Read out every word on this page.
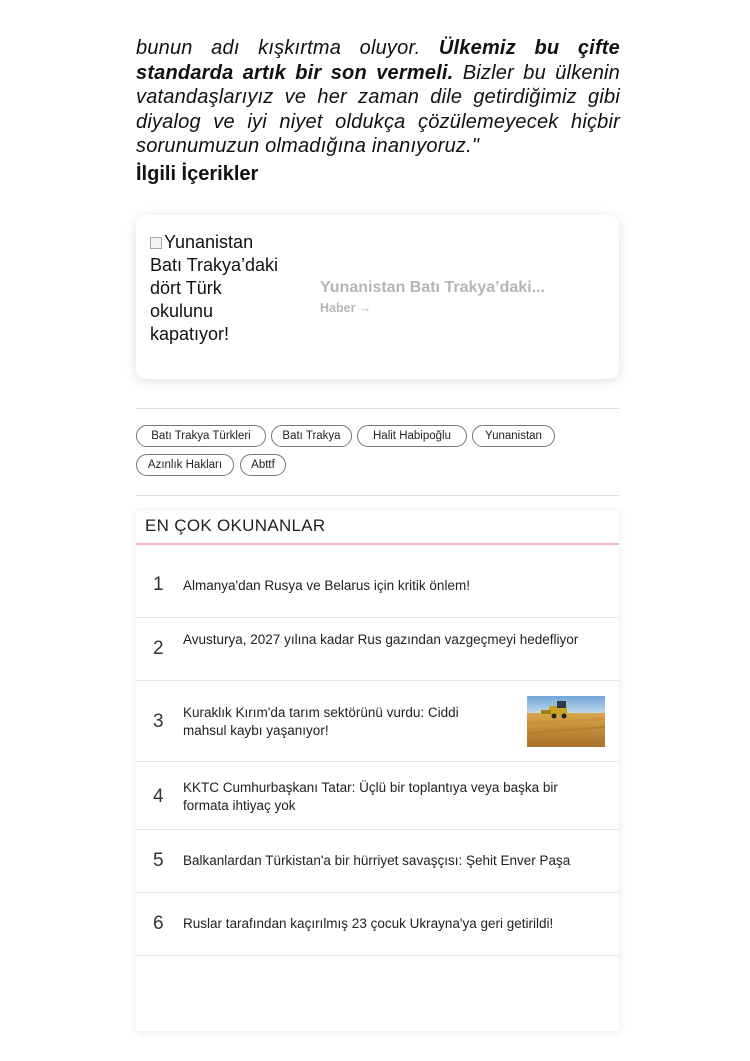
bunun adı kışkırtma oluyor. Ülkemiz bu çifte standarda artık bir son vermeli. Bizler bu ülkenin vatandaşlarıyız ve her zaman dile getirdiğimiz gibi diyalog ve iyi niyet oldukça çözülemeyecek hiçbir sorunumuzun olmadığına inanıyoruz."
İlgili İçerikler
Yunanistan Batı Trakya’daki dört Türk okulunu kapatıyor!
Yunanistan Batı Trakya’daki...
Haber →
Batı Trakya Türkleri	Batı Trakya	Halit Habipoğlu	Yunanistan
Azınlık Hakları	Abttf
EN ÇOK OKUNANLAR
1 Almanya'dan Rusya ve Belarus için kritik önlem!
2 Avusturya, 2027 yılına kadar Rus gazından vazgeçmeyi hedefliyor
3 Kuraklık Kırım'da tarım sektörünü vurdu: Ciddi mahsul kaybı yaşanıyor!
4 KKTC Cumhurbaşkanı Tatar: Üçlü bir toplantıya veya başka bir formata ihtiyaç yok
5 Balkanlardan Türkistan'a bir hürriyet savaşçısı: Şehit Enver Paşa
6 Ruslar tarafından kaçırılmış 23 çocuk Ukrayna'ya geri getirildi!
